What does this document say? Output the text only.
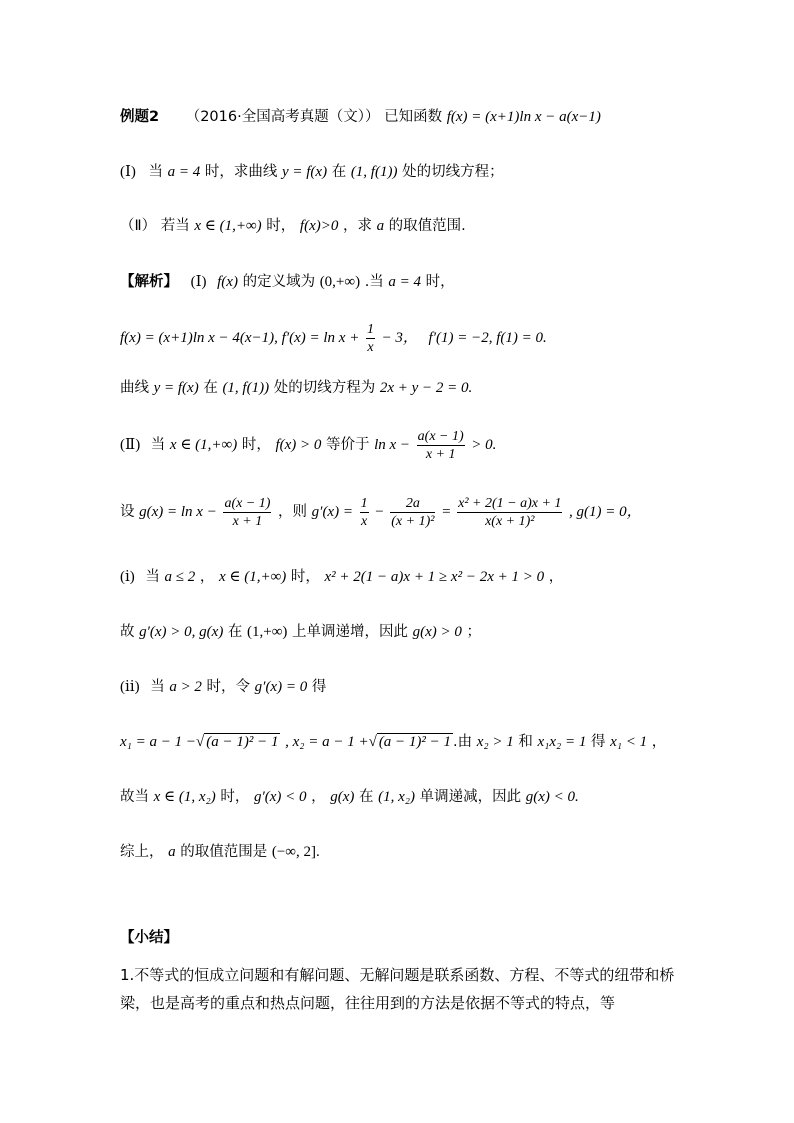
例题2 （2016·全国高考真题（文）） 已知函数 f(x) = (x+1)ln x − a(x−1)
(Ⅰ) 当 a = 4 时，求曲线 y = f(x) 在 (1, f(1)) 处的切线方程；
（Ⅱ） 若当 x ∈ (1,+∞) 时， f(x)>0 ，求 a 的取值范围.
【解析】 (Ⅰ) f(x) 的定义域为 (0,+∞) .当 a = 4 时，
f(x) = (x+1)ln x − 4(x−1), $f'(x) = \ln x + \frac{1}{x} - 3$， f′(1) = −2, f(1) = 0.
曲线 y = f(x) 在 (1, f(1)) 处的切线方程为 2x + y − 2 = 0.
(Ⅱ) 当 x ∈ (1,+∞) 时， f(x) > 0 等价于 $\ln x - \frac{a(x - 1)}{x + 1} > 0$.
设 $g(x) = \ln x - \frac{a(x - 1)}{x + 1}$ ，则 $g'(x) = \frac{1}{x} - \frac{2a}{\text{(x + 1)²}} = \frac{\text{x² + 2(1 − a)x + 1}}{\text{x(x + 1)²}}$ , g(1) = 0，
(ⅰ) 当 a ≤ 2 ， x ∈ (1,+∞) 时， x² + 2(1 − a)x + 1 ≥ x² − 2x + 1 > 0 ，
故 g′(x) > 0, g(x) 在 (1,+∞) 上单调递增，因此 g(x) > 0 ；
(ⅱ) 当 a > 2 时，令 g′(x) = 0 得
x₁ = a − 1 −√ (a − 1)² − 1 , x₂ = a − 1 +√ (a − 1)² − 1 .由 x₂ > 1 和 x₁x₂ = 1 得 x₁ < 1 ，
故当 x ∈ (1, x₂) 时， g′(x) < 0 ， g(x) 在 (1, x₂) 单调递减，因此 g(x) < 0.
综上， a 的取值范围是 (−∞, 2].
【小结】
1.不等式的恒成立问题和有解问题、无解问题是联系函数、方程、不等式的纽带和桥梁，也是高考的重点和热点问题，往往用到的方法是依据不等式的特点，等
